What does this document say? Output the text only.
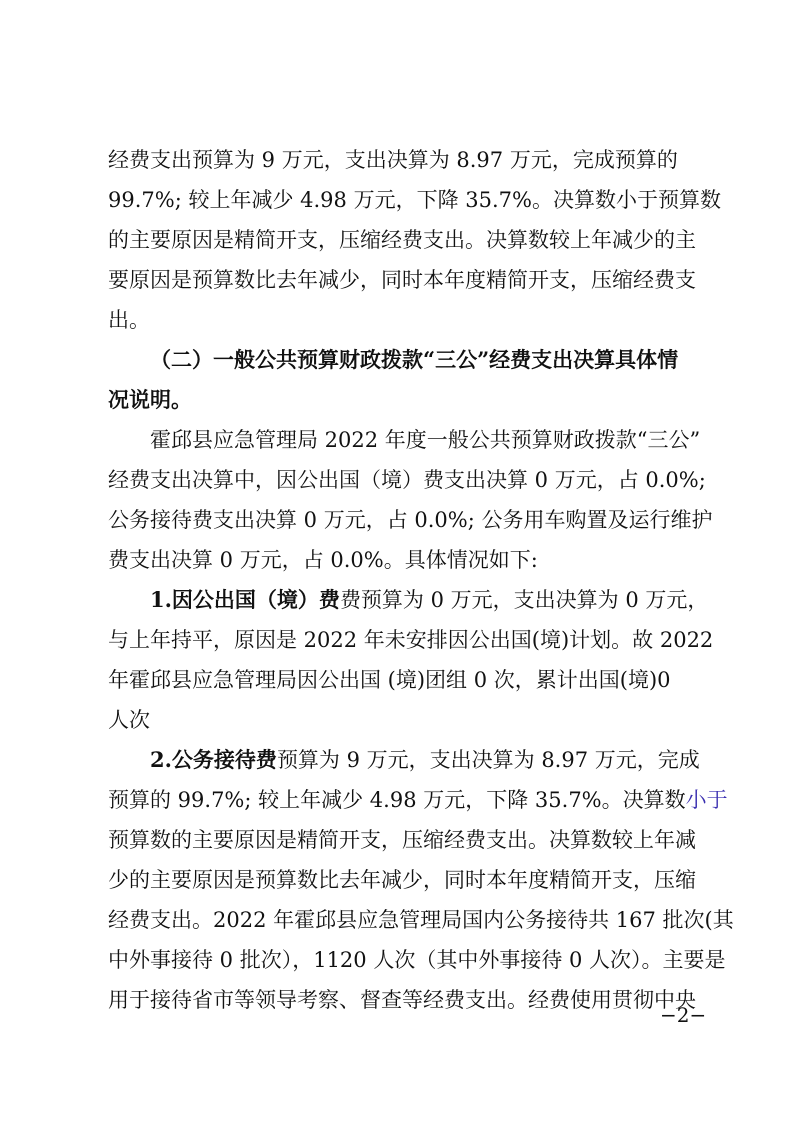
经费支出预算为 9 万元，支出决算为 8.97 万元，完成预算的
99.7%; 较上年减少 4.98 万元，下降 35.7%。决算数小于预算数
的主要原因是精简开支，压缩经费支出。决算数较上年减少的主
要原因是预算数比去年减少，同时本年度精简开支，压缩经费支
出。
（二）一般公共预算财政拨款“三公”经费支出决算具体情
况说明。
霍邱县应急管理局 2022 年度一般公共预算财政拨款“三公”
经费支出决算中，因公出国（境）费支出决算 0 万元，占 0.0%;
公务接待费支出决算 0 万元，占 0.0%; 公务用车购置及运行维护
费支出决算 0 万元，占 0.0%。具体情况如下:
1.因公出国（境）费费预算为 0 万元，支出决算为 0 万元，
与上年持平，原因是 2022 年未安排因公出国(境)计划。故 2022
年霍邱县应急管理局因公出国 (境)团组 0 次，累计出国(境)0
人次
2.公务接待费预算为 9 万元，支出决算为 8.97 万元，完成
预算的 99.7%; 较上年减少 4.98 万元，下降 35.7%。决算数小于
预算数的主要原因是精简开支，压缩经费支出。决算数较上年减
少的主要原因是预算数比去年减少，同时本年度精简开支，压缩
经费支出。2022 年霍邱县应急管理局国内公务接待共 167 批次(其
中外事接待 0 批次），1120 人次（其中外事接待 0 人次）。主要是
用于接待省市等领导考察、督查等经费支出。经费使用贯彻中央
−2−
